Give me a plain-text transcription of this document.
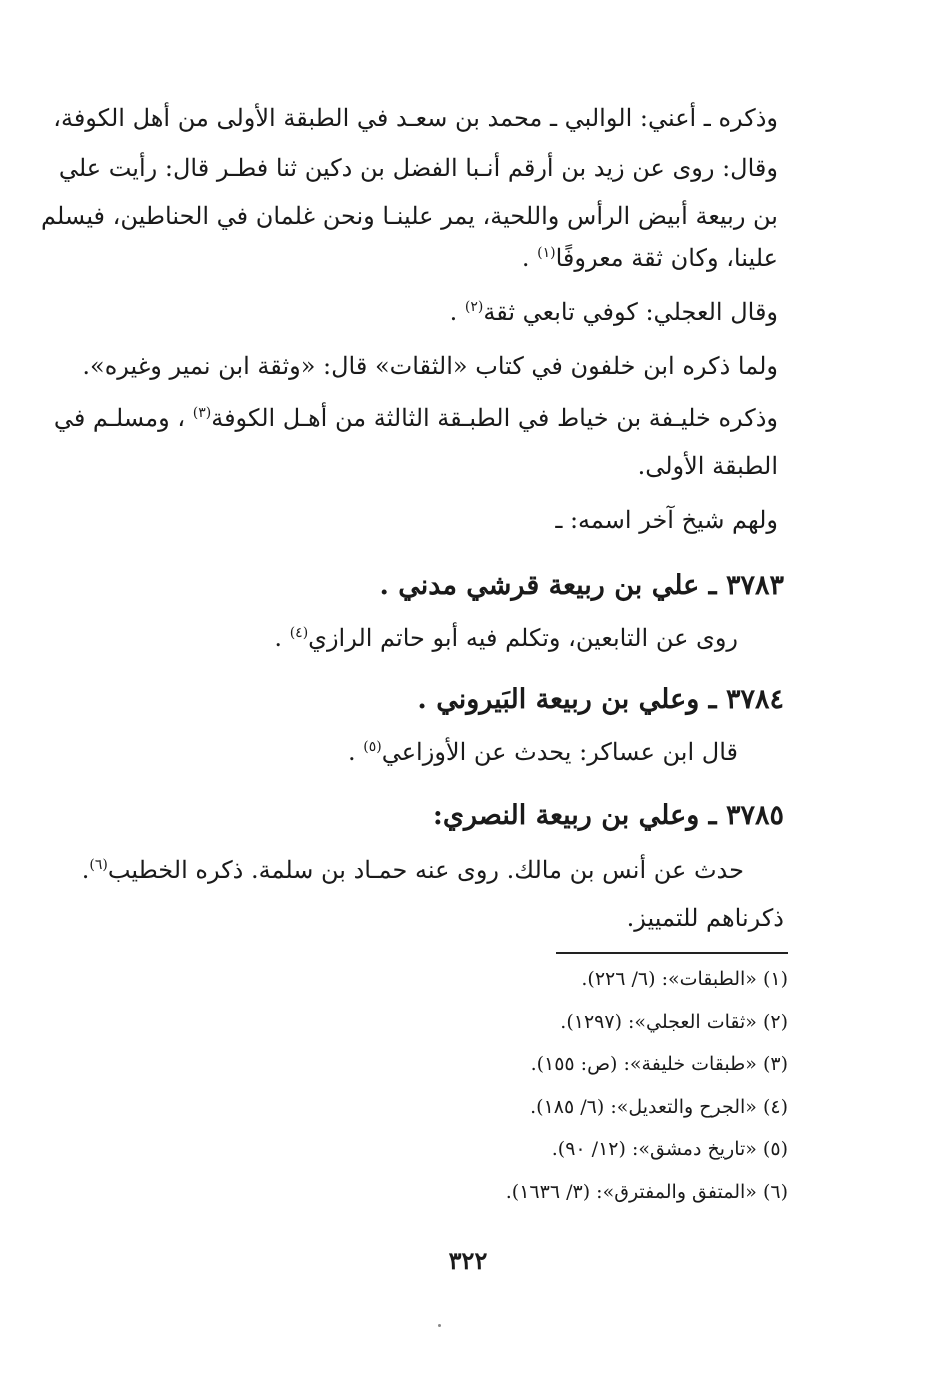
وذكره ـ أعني: الوالبي ـ محمد بن سعـد في الطبقة الأولى من أهل الكوفة،
وقال: روى عن زيد بن أرقم أنـبا الفضل بن دكين ثنا فطـر قال: رأيت علي
بن ربيعة أبيض الرأس واللحية، يمر علينـا ونحن غلمان في الحناطين، فيسلم
علينا، وكان ثقة معروفًا$^{(١)}$ .
وقال العجلي: كوفي تابعي ثقة$^{(٢)}$ .
ولما ذكره ابن خلفون في كتاب «الثقات» قال: «وثقة ابن نمير وغيره».
وذكره خليـفة بن خياط في الطبـقة الثالثة من أهـل الكوفة$^{(٣)}$ ، ومسلـم في
الطبقة الأولى.
ولهم شيخ آخر اسمه: ـ
٣٧٨٣ ـ علي بن ربيعة قرشي مدني .
روى عن التابعين، وتكلم فيه أبو حاتم الرازي$^{(٤)}$ .
٣٧٨٤ ـ وعلي بن ربيعة البَيروني .
قال ابن عساكر: يحدث عن الأوزاعي$^{(٥)}$ .
٣٧٨٥ ـ وعلي بن ربيعة النصري:
حدث عن أنس بن مالك. روى عنه حمـاد بن سلمة. ذكره الخطيب$^{(٦)}$.
ذكرناهم للتمييز.
(١) «الطبقات»: (٦/ ٢٢٦).
(٢) «ثقات العجلي»: (١٢٩٧).
(٣) «طبقات خليفة»: (ص: ١٥٥).
(٤) «الجرح والتعديل»: (٦/ ١٨٥).
(٥) «تاريخ دمشق»: (١٢/ ٩٠).
(٦) «المتفق والمفترق»: (٣/ ١٦٣٦).
٣٢٢
